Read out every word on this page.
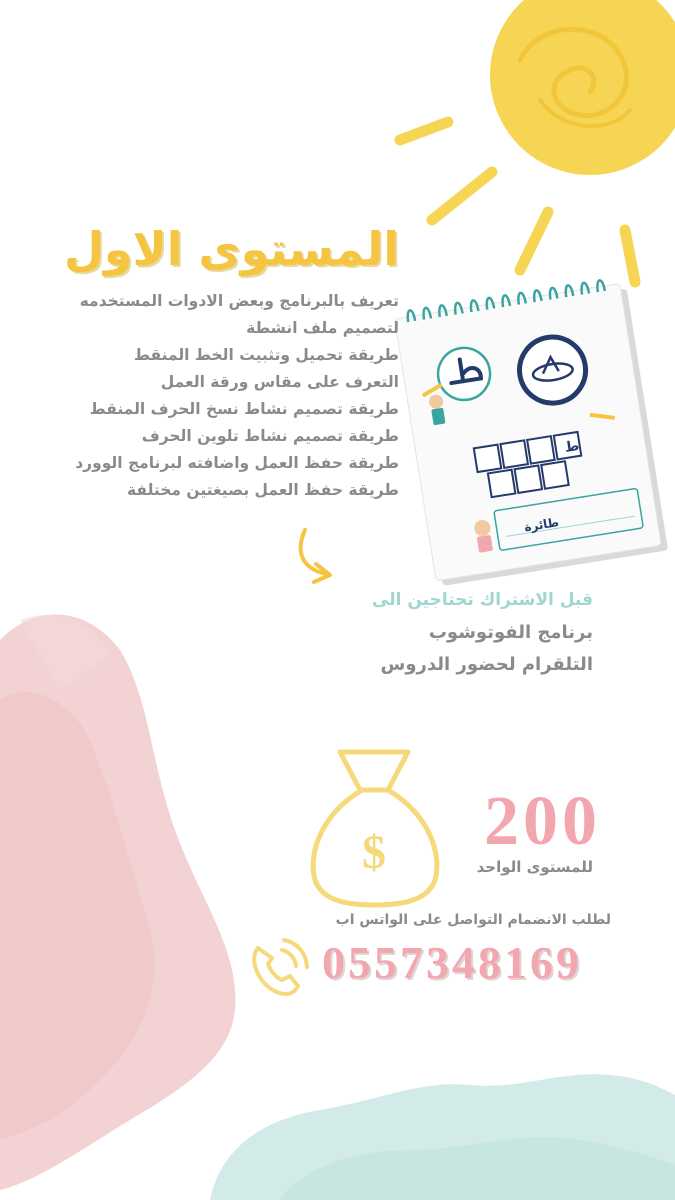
ط
طائرة
المستوى الاول
تعريف بالبرنامج وبعض الادوات المستخدمه
لتصميم ملف انشطة
طريقة تحميل وتثبيت الخط المنقط
التعرف على مقاس ورقة العمل
طريقة تصميم نشاط نسخ الحرف المنقط
طريقة تصميم نشاط تلوين الحرف
طريقة حفظ العمل واضافته لبرنامج الوورد
طريقة حفظ العمل بصيغتين مختلفة
قبل الاشتراك تحتاجين الى
برنامج الفوتوشوب
التلقرام لحضور الدروس
$ 200
للمستوى الواحد
لطلب الانضمام التواصل على الواتس اب
0557348169
